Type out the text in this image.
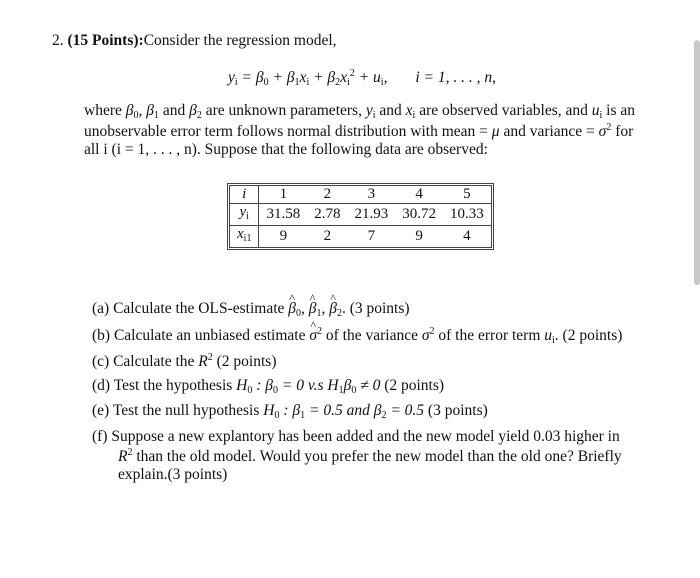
2. (15 Points):Consider the regression model,
$y_i = \beta_0 + \beta_1x_i + \beta_2x_i^2 + u_i$, i = 1, . . . , n,
where $\beta_0$, $\beta_1$ and $\beta_2$ are unknown parameters, $y_i$ and $x_i$ are observed variables, and $u_i$ is an
unobservable error term follows normal distribution with mean = μ and variance = $\sigma^2$ for
all i (i = 1, . . . , n). Suppose that the following data are observed:
i	1	2	3	4	5
$y_i$	31.58	2.78	21.93	30.72	10.33
$x_{i1}$	9	2	7	9	4
(a) Calculate the OLS-estimate ^ $\beta_0$, ^ $\beta_1$, ^ $\beta_2$. (3 points)
(b) Calculate an unbiased estimate ^ $\sigma^2$ of the variance $\sigma^2$ of the error term $u_i$. (2 points)
(c) Calculate the $R^2$ (2 points)
(d) Test the hypothesis $H_0$ : $\beta_0 = 0$ v.s $H_1\beta_0 \ne 0$ (2 points)
(e) Test the null hypothesis $H_0$ : $\beta_1 = 0.5$ and $\beta_2 = 0.5$ (3 points)
(f) Suppose a new explantory has been added and the new model yield 0.03 higher in
$R^2$ than the old model. Would you prefer the new model than the old one? Briefly
explain.(3 points)
